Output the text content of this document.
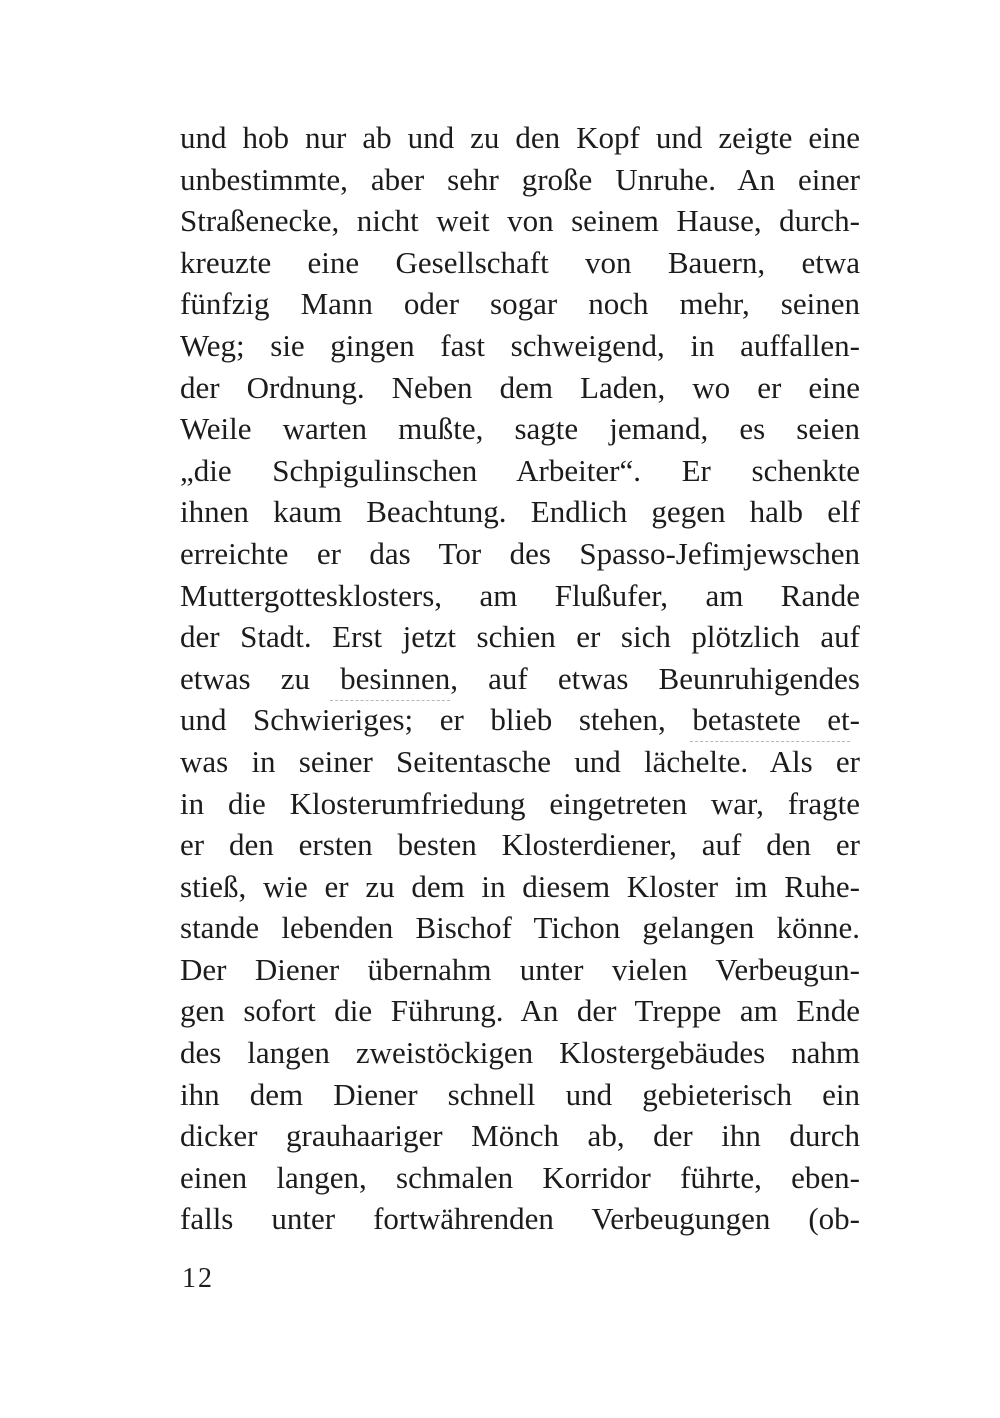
und hob nur ab und zu den Kopf und zeigte eine
unbestimmte, aber sehr große Unruhe. An einer
Straßenecke, nicht weit von seinem Hause, durch-
kreuzte eine Gesellschaft von Bauern, etwa
fünfzig Mann oder sogar noch mehr, seinen
Weg; sie gingen fast schweigend, in auffallen-
der Ordnung. Neben dem Laden, wo er eine
Weile warten mußte, sagte jemand, es seien
„die Schpigulinschen Arbeiter“. Er schenkte
ihnen kaum Beachtung. Endlich gegen halb elf
erreichte er das Tor des Spasso-Jefimjewschen
Muttergottesklosters, am Flußufer, am Rande
der Stadt. Erst jetzt schien er sich plötzlich auf
etwas zu besinnen, auf etwas Beunruhigendes
und Schwieriges; er blieb stehen, betastete et-
was in seiner Seitentasche und lächelte. Als er
in die Klosterumfriedung eingetreten war, fragte
er den ersten besten Klosterdiener, auf den er
stieß, wie er zu dem in diesem Kloster im Ruhe-
stande lebenden Bischof Tichon gelangen könne.
Der Diener übernahm unter vielen Verbeugun-
gen sofort die Führung. An der Treppe am Ende
des langen zweistöckigen Klostergebäudes nahm
ihn dem Diener schnell und gebieterisch ein
dicker grauhaariger Mönch ab, der ihn durch
einen langen, schmalen Korridor führte, eben-
falls unter fortwährenden Verbeugungen (ob-
12
